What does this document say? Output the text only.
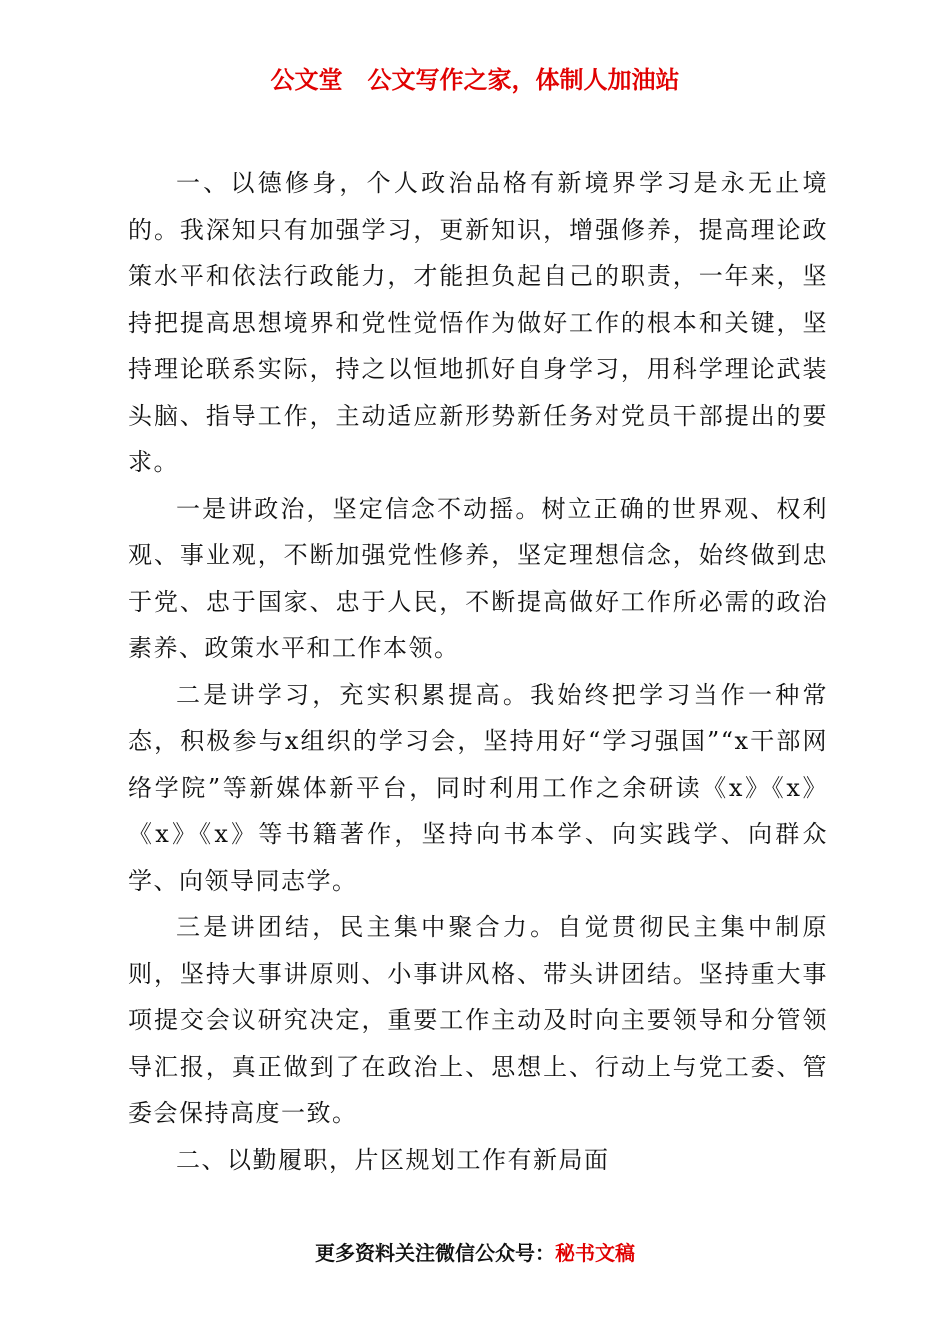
公文堂   公文写作之家，体制人加油站

一、以德修身，个人政治品格有新境界学习是永无止境的。我深知只有加强学习，更新知识，增强修养，提高理论政策水平和依法行政能力，才能担负起自己的职责，一年来，坚持把提高思想境界和党性觉悟作为做好工作的根本和关键，坚持理论联系实际，持之以恒地抓好自身学习，用科学理论武装头脑、指导工作，主动适应新形势新任务对党员干部提出的要求。

一是讲政治，坚定信念不动摇。树立正确的世界观、权利观、事业观，不断加强党性修养，坚定理想信念，始终做到忠于党、忠于国家、忠于人民，不断提高做好工作所必需的政治素养、政策水平和工作本领。

二是讲学习，充实积累提高。我始终把学习当作一种常态，积极参与x组织的学习会，坚持用好“学习强国”“x干部网络学院”等新媒体新平台，同时利用工作之余研读《x》《x》《x》《x》等书籍著作，坚持向书本学、向实践学、向群众学、向领导同志学。

三是讲团结，民主集中聚合力。自觉贯彻民主集中制原则，坚持大事讲原则、小事讲风格、带头讲团结。坚持重大事项提交会议研究决定，重要工作主动及时向主要领导和分管领导汇报，真正做到了在政治上、思想上、行动上与党工委、管委会保持高度一致。

二、以勤履职，片区规划工作有新局面

更多资料关注微信公众号：秘书文稿
